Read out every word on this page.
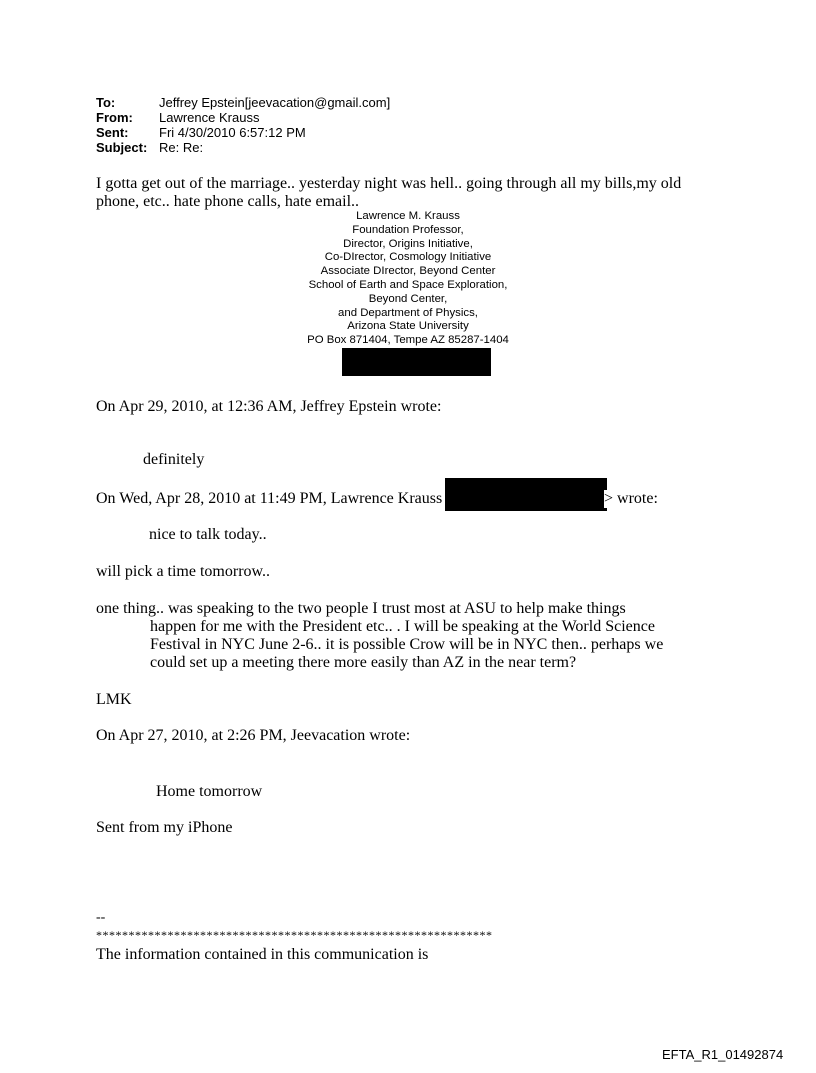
To:	Jeffrey Epstein[jeevacation@gmail.com]
From:	Lawrence Krauss
Sent:	Fri 4/30/2010 6:57:12 PM
Subject: Re: Re:
I gotta get out of the marriage.. yesterday night was hell.. going through all my bills,my old
phone, etc.. hate phone calls, hate email..
Lawrence M. Krauss
Foundation Professor,
Director, Origins Initiative,
Co-DIrector, Cosmology Initiative
Associate DIrector, Beyond Center
School of Earth and Space Exploration,
Beyond Center,
and Department of Physics,
Arizona State University
PO Box 871404, Tempe AZ 85287-1404
On Apr 29, 2010, at 12:36 AM, Jeffrey Epstein wrote:
definitely
On Wed, Apr 28, 2010 at 11:49 PM, Lawrence Krauss	> wrote:
nice to talk today..
will pick a time tomorrow..
one thing.. was speaking to the two people I trust most at ASU to help make things
happen for me with the President etc.. . I will be speaking at the World Science
Festival in NYC June 2-6.. it is possible Crow will be in NYC then.. perhaps we
could set up a meeting there more easily than AZ in the near term?
LMK
On Apr 27, 2010, at 2:26 PM, Jeevacation wrote:
Home tomorrow
Sent from my iPhone
--
*************************************************************
The information contained in this communication is
EFTA_R1_01492874
